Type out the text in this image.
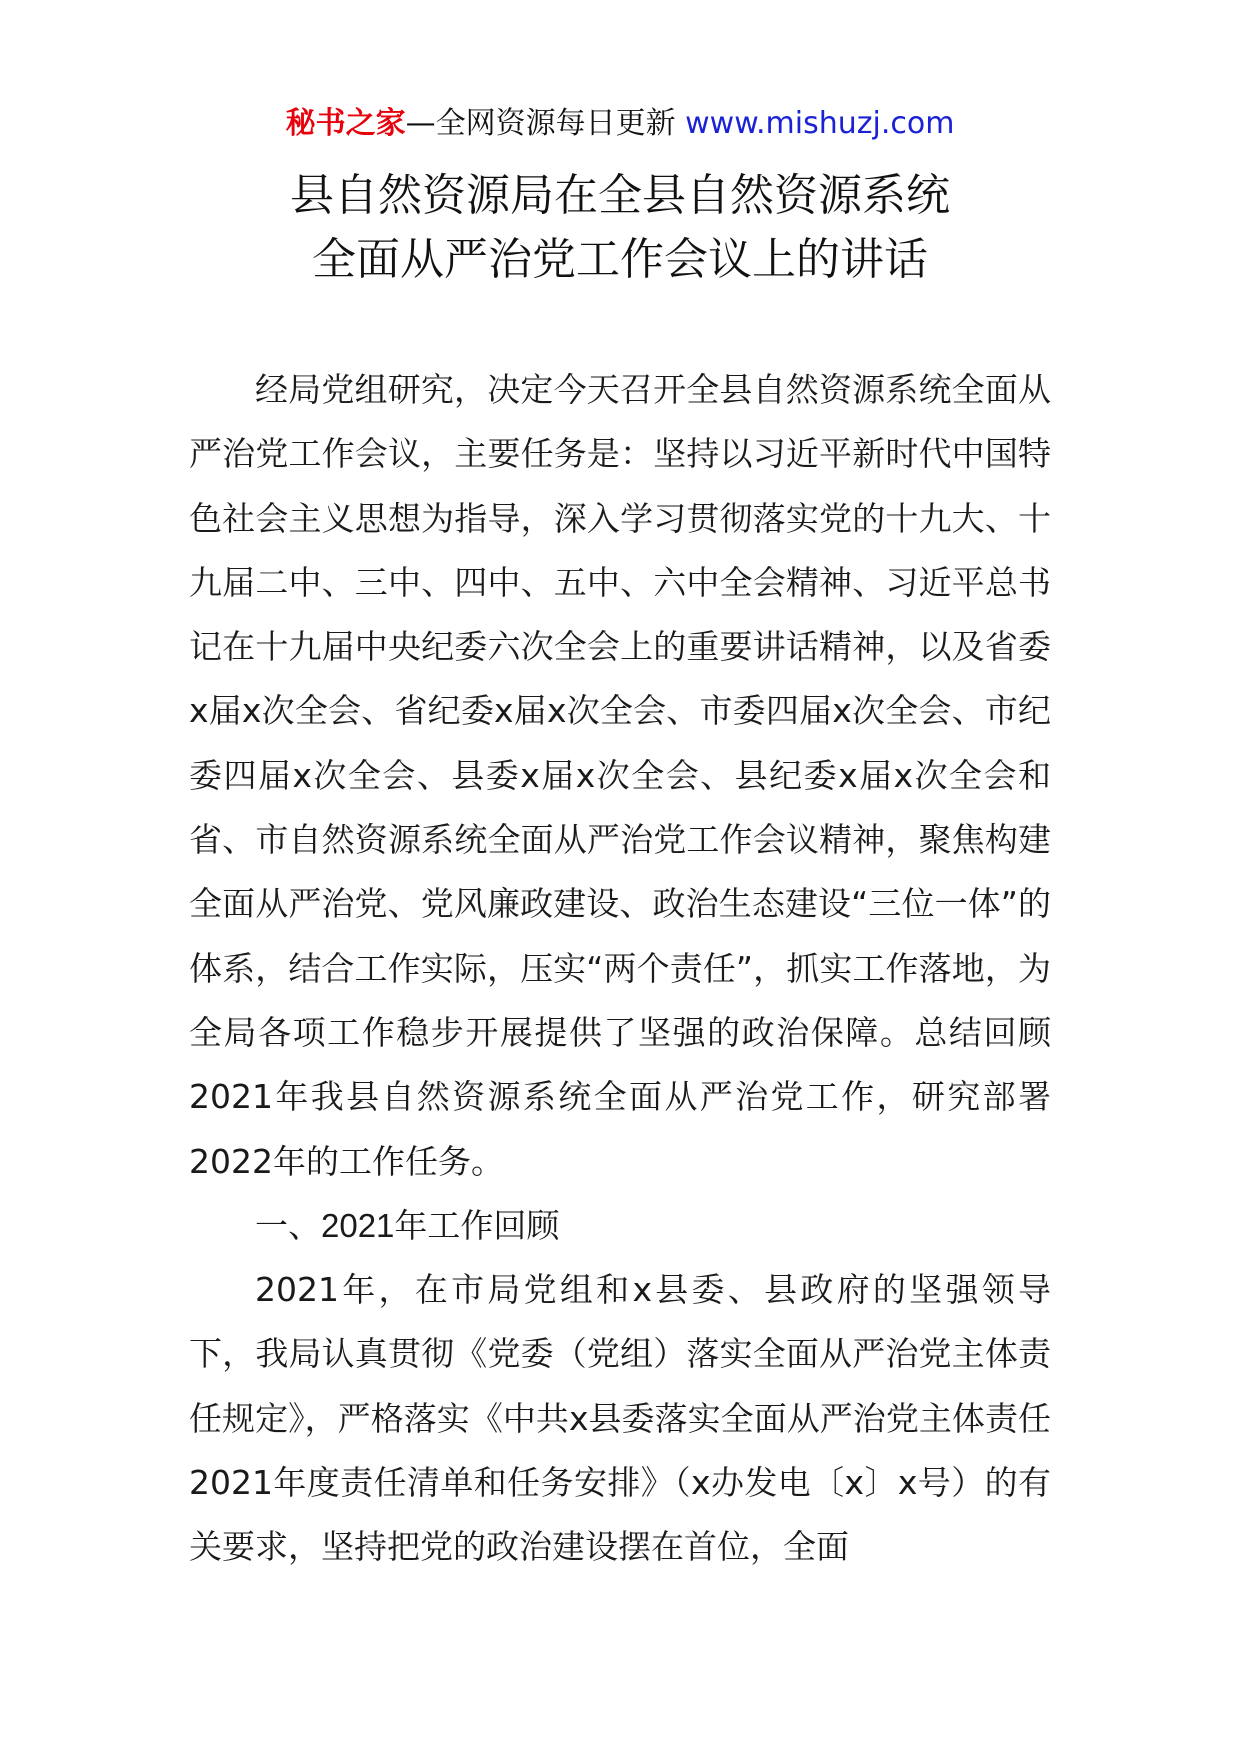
秘书之家—全网资源每日更新 www.mishuzj.com
县自然资源局在全县自然资源系统
全面从严治党工作会议上的讲话

经局党组研究，决定今天召开全县自然资源系统全面从严治党工作会议，主要任务是：坚持以习近平新时代中国特色社会主义思想为指导，深入学习贯彻落实党的十九大、十九届二中、三中、四中、五中、六中全会精神、习近平总书记在十九届中央纪委六次全会上的重要讲话精神，以及省委x届x次全会、省纪委x届x次全会、市委四届x次全会、市纪委四届x次全会、县委x届x次全会、县纪委x届x次全会和省、市自然资源系统全面从严治党工作会议精神，聚焦构建全面从严治党、党风廉政建设、政治生态建设“三位一体”的体系，结合工作实际，压实“两个责任”，抓实工作落地，为全局各项工作稳步开展提供了坚强的政治保障。总结回顾2021年我县自然资源系统全面从严治党工作，研究部署2022年的工作任务。

一、2021年工作回顾

2021年，在市局党组和x县委、县政府的坚强领导下，我局认真贯彻《党委（党组）落实全面从严治党主体责任规定》，严格落实《中共x县委落实全面从严治党主体责任2021年度责任清单和任务安排》（x办发电〔x〕x号）的有关要求，坚持把党的政治建设摆在首位，全面
